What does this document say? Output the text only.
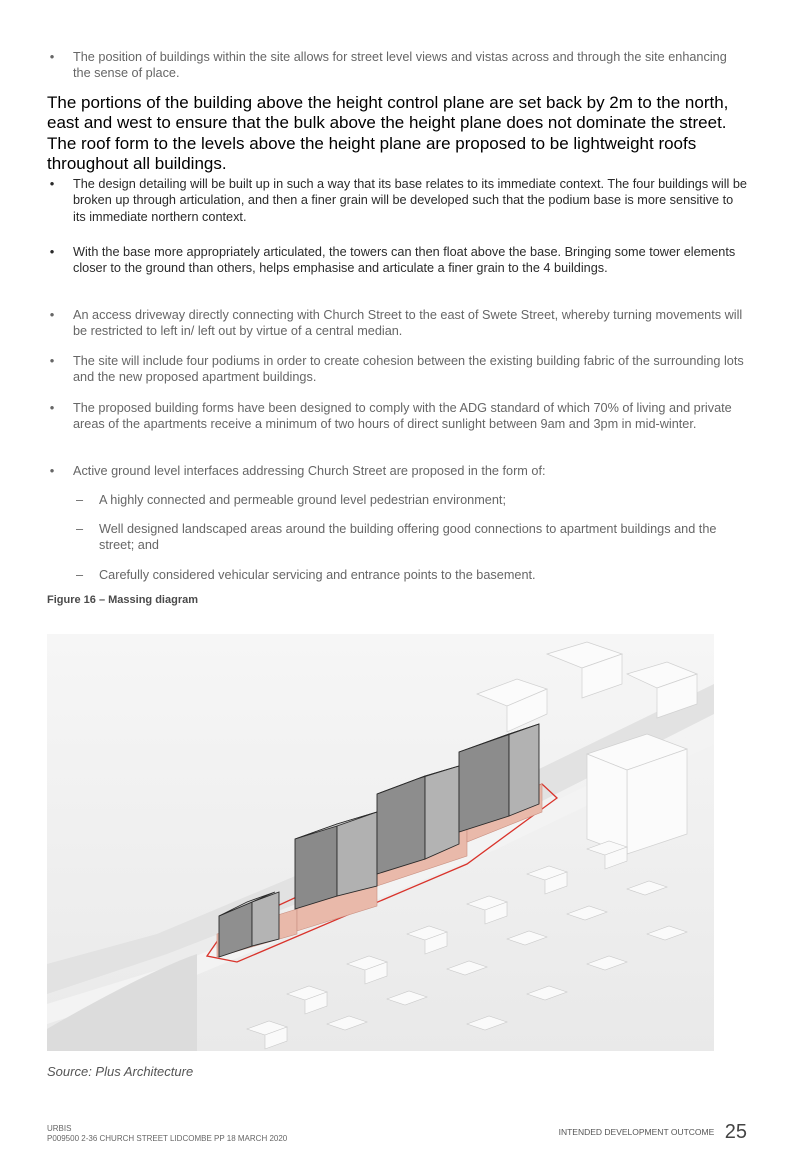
• The position of buildings within the site allows for street level views and vistas across and through the site enhancing the sense of place.
The portions of the building above the height control plane are set back by 2m to the north, east and west to ensure that the bulk above the height plane does not dominate the street. The roof form to the levels above the height plane are proposed to be lightweight roofs throughout all buildings.
• The design detailing will be built up in such a way that its base relates to its immediate context. The four buildings will be broken up through articulation, and then a finer grain will be developed such that the podium base is more sensitive to its immediate northern context.
• With the base more appropriately articulated, the towers can then float above the base. Bringing some tower elements closer to the ground than others, helps emphasise and articulate a finer grain to the 4 buildings.
• An access driveway directly connecting with Church Street to the east of Swete Street, whereby turning movements will be restricted to left in/ left out by virtue of a central median.
• The site will include four podiums in order to create cohesion between the existing building fabric of the surrounding lots and the new proposed apartment buildings.
• The proposed building forms have been designed to comply with the ADG standard of which 70% of living and private areas of the apartments receive a minimum of two hours of direct sunlight between 9am and 3pm in mid-winter.
• Active ground level interfaces addressing Church Street are proposed in the form of:
– A highly connected and permeable ground level pedestrian environment;
– Well designed landscaped areas around the building offering good connections to apartment buildings and the street; and
– Carefully considered vehicular servicing and entrance points to the basement.
Figure 16 – Massing diagram
Source: Plus Architecture
URBIS
P009500 2-36 CHURCH STREET LIDCOMBE PP 18 MARCH 2020
INTENDED DEVELOPMENT OUTCOME 25
